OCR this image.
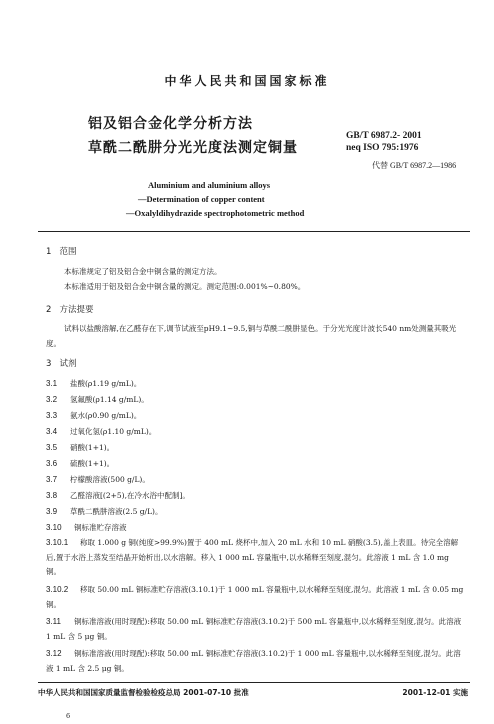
中华人民共和国国家标准
铝及铝合金化学分析方法
草酰二酰肼分光光度法测定铜量
GB/T 6987.2- 2001
neq ISO 795:1976
代替 GB/T 6987.2—1986
Aluminium and aluminium alloys
—Determination of copper content
—Oxalyldihydrazide spectrophotometric method
1 范围
本标准规定了铝及铝合金中铜含量的测定方法。
本标准适用于铝及铝合金中铜含量的测定。测定范围:0.001%~0.80%。
2 方法提要
试料以盐酸溶解,在乙醛存在下,调节试液至pH9.1~9.5,铜与草酰二酰肼显色。于分光光度计波长540 nm处测量其吸光度。
3 试剂
3.1 盐酸(ρ1.19 g/mL)。
3.2 氢氟酸(ρ1.14 g/mL)。
3.3 氨水(ρ0.90 g/mL)。
3.4 过氧化氢(ρ1.10 g/mL)。
3.5 硝酸(1+1)。
3.6 硫酸(1+1)。
3.7 柠檬酸溶液(500 g/L)。
3.8 乙醛溶液[(2+5),在冷水浴中配制]。
3.9 草酰二酰肼溶液(2.5 g/L)。
3.10 铜标准贮存溶液
3.10.1 称取 1.000 g 铜(纯度>99.9%)置于 400 mL 烧杯中,加入 20 mL 水和 10 mL 硝酸(3.5),盖上表皿。待完全溶解后,置于水浴上蒸发至结晶开始析出,以水溶解。移入 1 000 mL 容量瓶中,以水稀释至刻度,混匀。此溶液 1 mL 含 1.0 mg 铜。
3.10.2 移取 50.00 mL 铜标准贮存溶液(3.10.1)于 1 000 mL 容量瓶中,以水稀释至刻度,混匀。此溶液 1 mL 含 0.05 mg 铜。
3.11 铜标准溶液(用时现配):移取 50.00 mL 铜标准贮存溶液(3.10.2)于 500 mL 容量瓶中,以水稀释至刻度,混匀。此溶液 1 mL 含 5 μg 铜。
3.12 铜标准溶液(用时现配):移取 50.00 mL 铜标准贮存溶液(3.10.2)于 1 000 mL 容量瓶中,以水稀释至刻度,混匀。此溶液 1 mL 含 2.5 μg 铜。
中华人民共和国国家质量监督检验检疫总局 2001-07-10 批准	2001-12-01 实施
6
